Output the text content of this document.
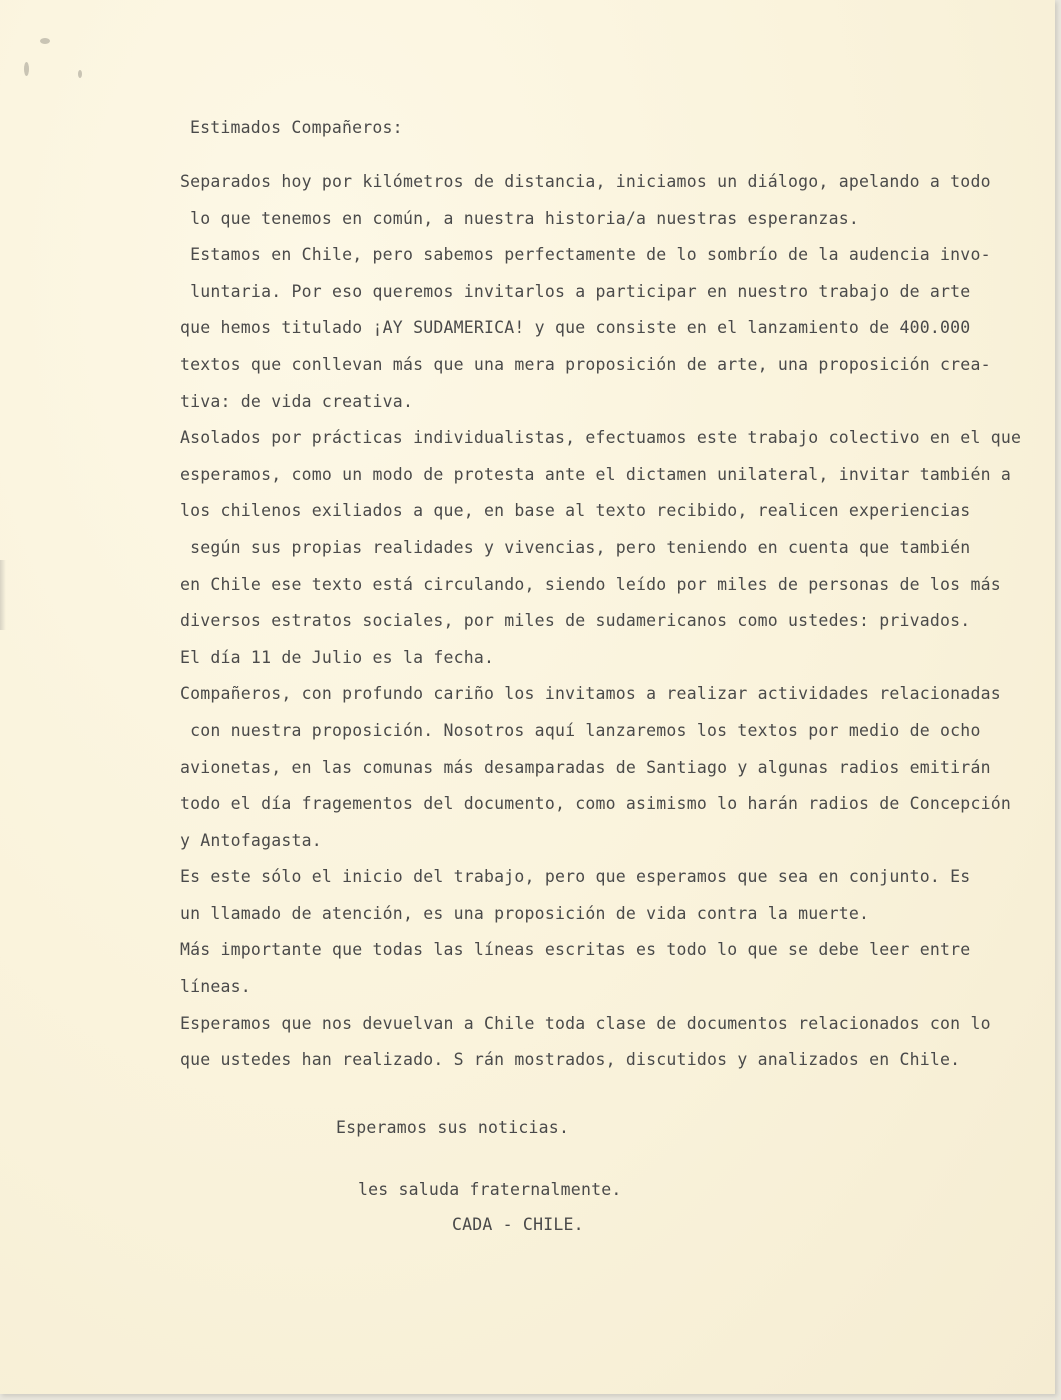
Estimados Compañeros:
Separados hoy por kilómetros de distancia, iniciamos un diálogo, apelando a todo
lo que tenemos en común, a nuestra historia/a nuestras esperanzas.
Estamos en Chile, pero sabemos perfectamente de lo sombrío de la audencia invo-
luntaria. Por eso queremos invitarlos a participar en nuestro trabajo de arte
que hemos titulado ¡AY SUDAMERICA! y que consiste en el lanzamiento de 400.000
textos que conllevan más que una mera proposición de arte, una proposición crea-
tiva: de vida creativa.
Asolados por prácticas individualistas, efectuamos este trabajo colectivo en el que
esperamos, como un modo de protesta ante el dictamen unilateral, invitar también a
los chilenos exiliados a que, en base al texto recibido, realicen experiencias
según sus propias realidades y vivencias, pero teniendo en cuenta que también
en Chile ese texto está circulando, siendo leído por miles de personas de los más
diversos estratos sociales, por miles de sudamericanos como ustedes: privados.
El día 11 de Julio es la fecha.
Compañeros, con profundo cariño los invitamos a realizar actividades relacionadas
con nuestra proposición. Nosotros aquí lanzaremos los textos por medio de ocho
avionetas, en las comunas más desamparadas de Santiago y algunas radios emitirán
todo el día fragementos del documento, como asimismo lo harán radios de Concepción
y Antofagasta.
Es este sólo el inicio del trabajo, pero que esperamos que sea en conjunto. Es
un llamado de atención, es una proposición de vida contra la muerte.
Más importante que todas las líneas escritas es todo lo que se debe leer entre
líneas.
Esperamos que nos devuelvan a Chile toda clase de documentos relacionados con lo
que ustedes han realizado. S rán mostrados, discutidos y analizados en Chile.
Esperamos sus noticias.
les saluda fraternalmente.
CADA - CHILE.
